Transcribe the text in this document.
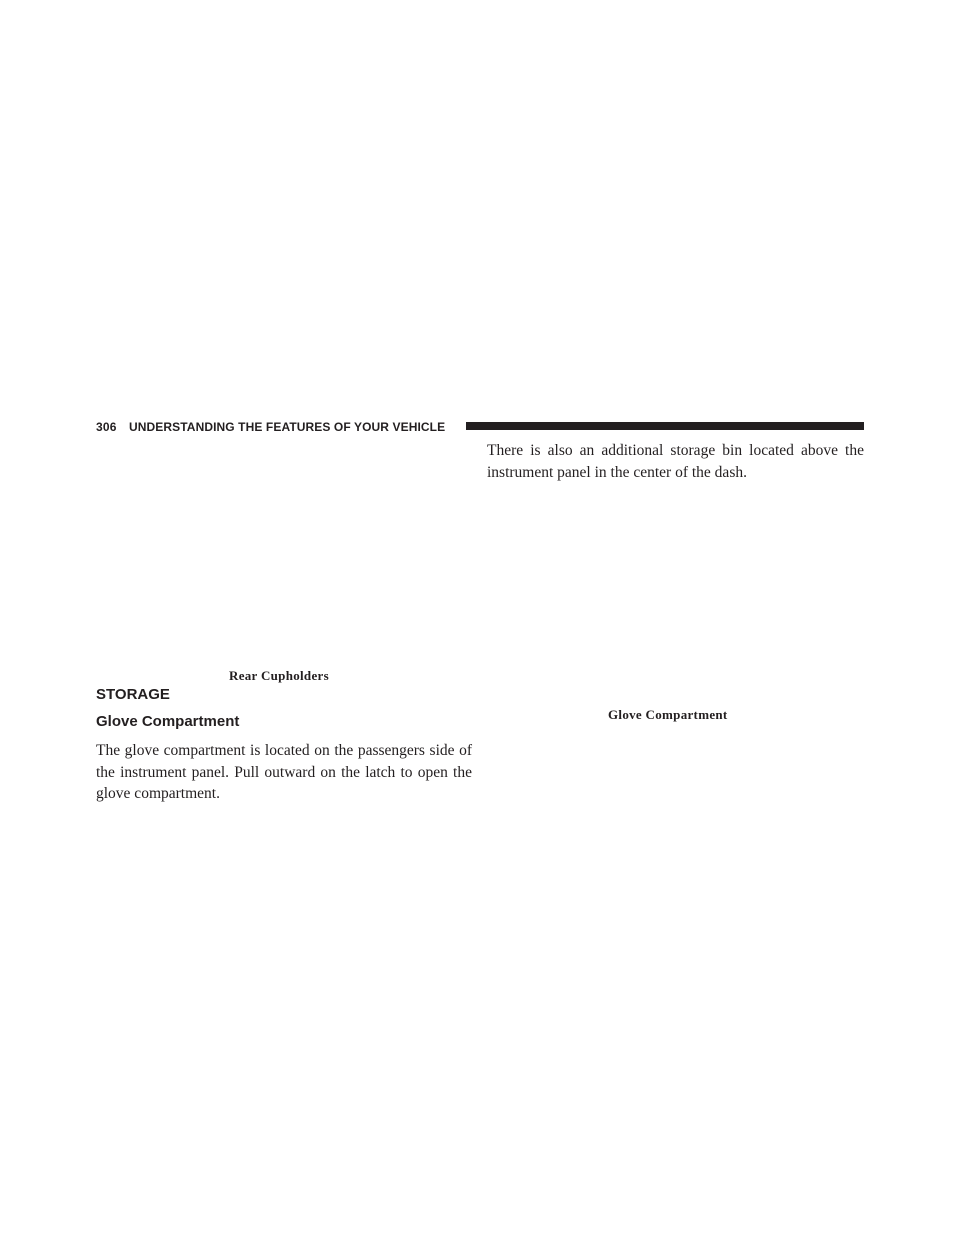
306 UNDERSTANDING THE FEATURES OF YOUR VEHICLE
There is also an additional storage bin located above the instrument panel in the center of the dash.
Rear Cupholders
STORAGE
Glove Compartment
Glove Compartment
The glove compartment is located on the passengers side of the instrument panel. Pull outward on the latch to open the glove compartment.
